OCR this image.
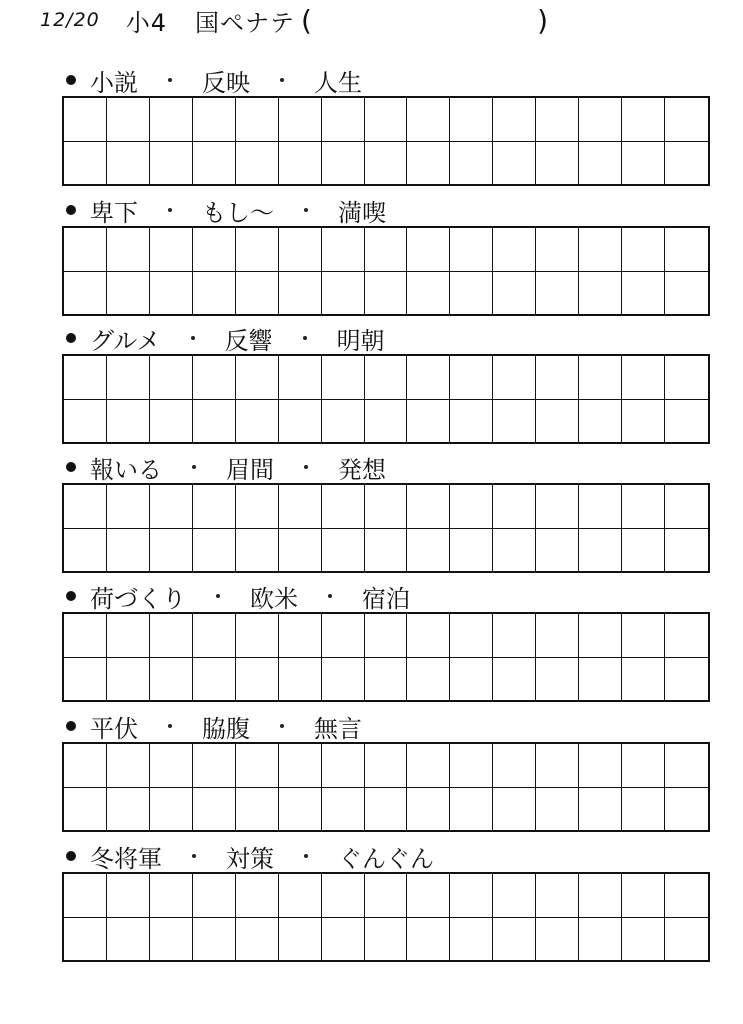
12/20 小4 国ペナテ (	)
小説	反映	人生
卑下	もし〜	満喫
グルメ	反響	明朝
報いる	眉間	発想
荷づくり	欧米	宿泊
平伏	脇腹	無言
冬将軍	対策	ぐんぐん
